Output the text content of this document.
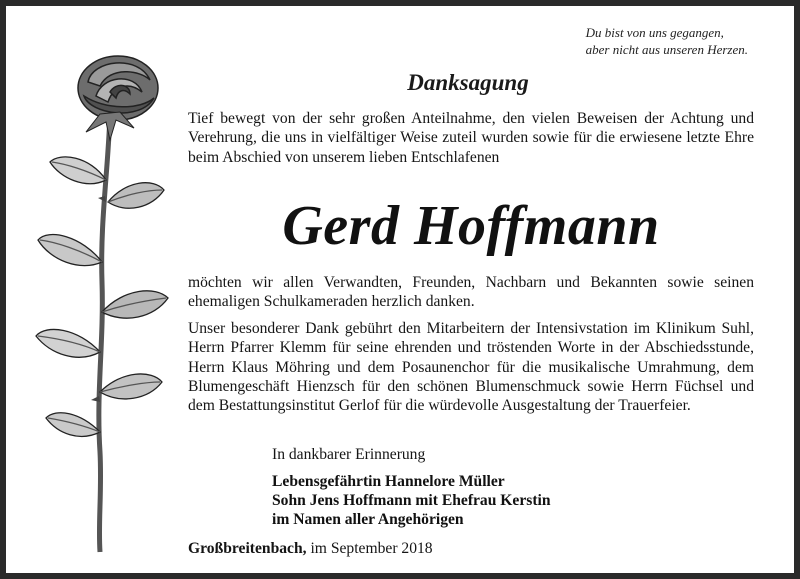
Du bist von uns gegangen,
aber nicht aus unseren Herzen.
Danksagung
Tief bewegt von der sehr großen Anteilnahme, den vielen Beweisen der Achtung und Verehrung, die uns in vielfältiger Weise zuteil wurden sowie für die erwiesene letzte Ehre beim Abschied von unserem lieben Entschlafenen
Gerd Hoffmann
möchten wir allen Verwandten, Freunden, Nachbarn und Bekannten sowie seinen ehemaligen Schulkameraden herzlich danken.
Unser besonderer Dank gebührt den Mitarbeitern der Intensivstation im Klinikum Suhl, Herrn Pfarrer Klemm für seine ehrenden und tröstenden Worte in der Abschiedsstunde, Herrn Klaus Möhring und dem Posaunenchor für die musikalische Umrahmung, dem Blumengeschäft Hienzsch für den schönen Blumenschmuck sowie Herrn Füchsel und dem Bestattungsinstitut Gerlof für die würdevolle Ausgestaltung der Trauerfeier.
In dankbarer Erinnerung
Lebensgefährtin Hannelore Müller
Sohn Jens Hoffmann mit Ehefrau Kerstin
im Namen aller Angehörigen
Großbreitenbach, im September 2018
